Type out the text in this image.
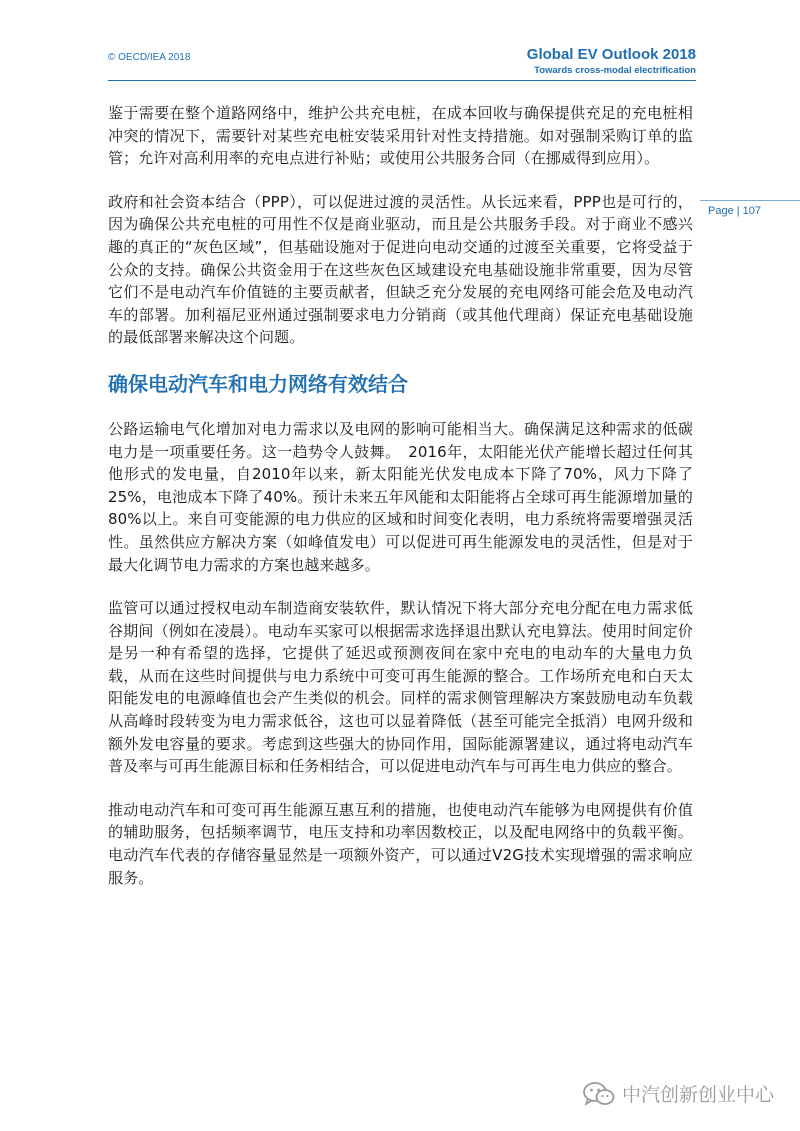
© OECD/IEA 2018	Global EV Outlook 2018
Towards cross-modal electrification
Page | 107

鉴于需要在整个道路网络中，维护公共充电桩，在成本回收与确保提供充足的充电桩相冲突的情况下，需要针对某些充电桩安装采用针对性支持措施。如对强制采购订单的监管；允许对高利用率的充电点进行补贴；或使用公共服务合同（在挪威得到应用）。

政府和社会资本结合（PPP），可以促进过渡的灵活性。从长远来看，PPP也是可行的，因为确保公共充电桩的可用性不仅是商业驱动，而且是公共服务手段。对于商业不感兴趣的真正的“灰色区域”，但基础设施对于促进向电动交通的过渡至关重要，它将受益于公众的支持。确保公共资金用于在这些灰色区域建设充电基础设施非常重要，因为尽管它们不是电动汽车价值链的主要贡献者，但缺乏充分发展的充电网络可能会危及电动汽车的部署。加利福尼亚州通过强制要求电力分销商（或其他代理商）保证充电基础设施的最低部署来解决这个问题。

确保电动汽车和电力网络有效结合

公路运输电气化增加对电力需求以及电网的影响可能相当大。确保满足这种需求的低碳电力是一项重要任务。这一趋势令人鼓舞。　2016年，太阳能光伏产能增长超过任何其他形式的发电量，自2010年以来，新太阳能光伏发电成本下降了70%，风力下降了25%，电池成本下降了40%。预计未来五年风能和太阳能将占全球可再生能源增加量的80%以上。来自可变能源的电力供应的区域和时间变化表明，电力系统将需要增强灵活性。虽然供应方解决方案（如峰值发电）可以促进可再生能源发电的灵活性，但是对于最大化调节电力需求的方案也越来越多。

监管可以通过授权电动车制造商安装软件，默认情况下将大部分充电分配在电力需求低谷期间（例如在凌晨）。电动车买家可以根据需求选择退出默认充电算法。使用时间定价是另一种有希望的选择，它提供了延迟或预测夜间在家中充电的电动车的大量电力负载，从而在这些时间提供与电力系统中可变可再生能源的整合。工作场所充电和白天太阳能发电的电源峰值也会产生类似的机会。同样的需求侧管理解决方案鼓励电动车负载从高峰时段转变为电力需求低谷，这也可以显着降低（甚至可能完全抵消）电网升级和额外发电容量的要求。考虑到这些强大的协同作用，国际能源署建议，通过将电动汽车普及率与可再生能源目标和任务相结合，可以促进电动汽车与可再生电力供应的整合。

推动电动汽车和可变可再生能源互惠互利的措施，也使电动汽车能够为电网提供有价值的辅助服务，包括频率调节，电压支持和功率因数校正，以及配电网络中的负载平衡。电动汽车代表的存储容量显然是一项额外资产，可以通过V2G技术实现增强的需求响应服务。

中汽创新创业中心
